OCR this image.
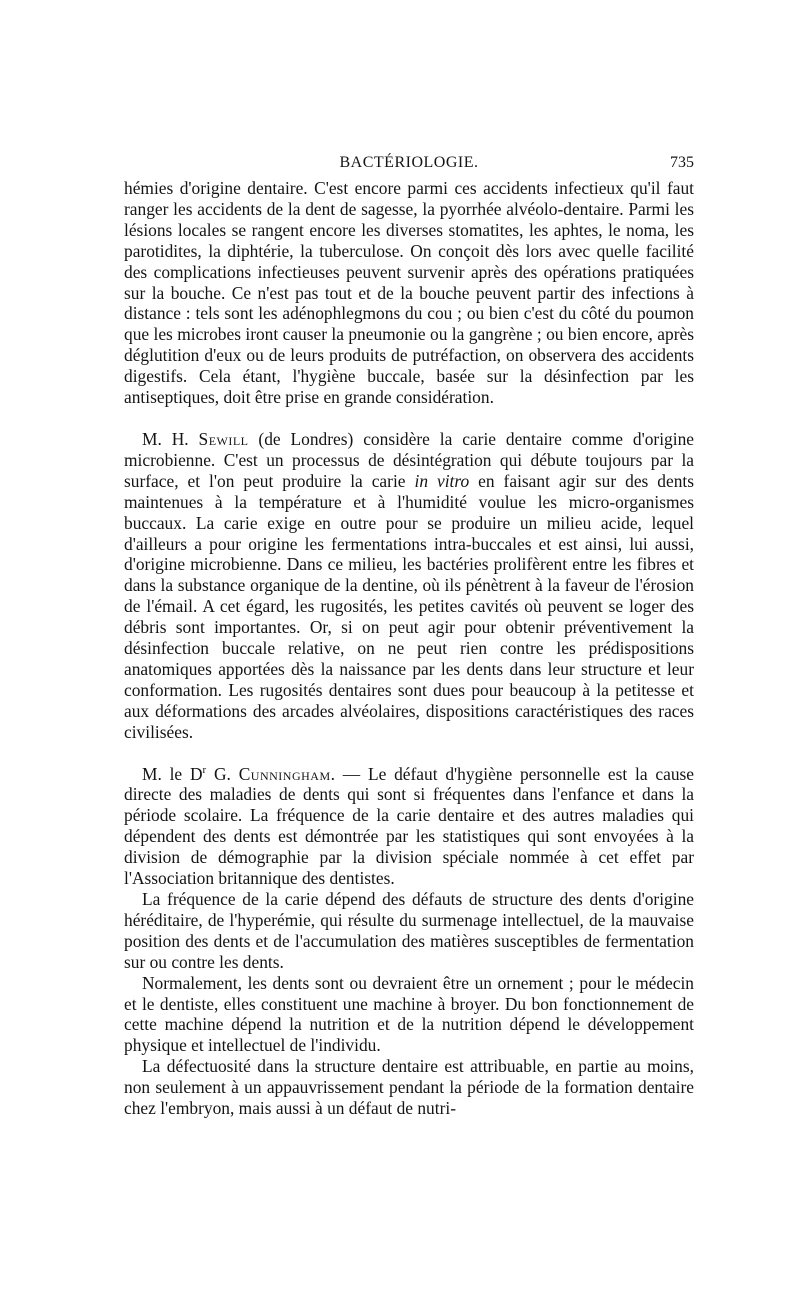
BACTÉRIOLOGIE.	735

hémies d'origine dentaire. C'est encore parmi ces accidents infectieux qu'il faut ranger les accidents de la dent de sagesse, la pyorrhée alvéolo-dentaire. Parmi les lésions locales se rangent encore les diverses stomatites, les aphtes, le noma, les parotidites, la diphtérie, la tuberculose. On conçoit dès lors avec quelle facilité des complications infectieuses peuvent survenir après des opérations pratiquées sur la bouche. Ce n'est pas tout et de la bouche peuvent partir des infections à distance : tels sont les adénophlegmons du cou ; ou bien c'est du côté du poumon que les microbes iront causer la pneumonie ou la gangrène ; ou bien encore, après déglutition d'eux ou de leurs produits de putréfaction, on observera des accidents digestifs. Cela étant, l'hygiène buccale, basée sur la désinfection par les antiseptiques, doit être prise en grande considération.

M. H. Sewill (de Londres) considère la carie dentaire comme d'origine microbienne. C'est un processus de désintégration qui débute toujours par la surface, et l'on peut produire la carie in vitro en faisant agir sur des dents maintenues à la température et à l'humidité voulue les micro-organismes buccaux. La carie exige en outre pour se produire un milieu acide, lequel d'ailleurs a pour origine les fermentations intra-buccales et est ainsi, lui aussi, d'origine microbienne. Dans ce milieu, les bactéries prolifèrent entre les fibres et dans la substance organique de la dentine, où ils pénètrent à la faveur de l'érosion de l'émail. A cet égard, les rugosités, les petites cavités où peuvent se loger des débris sont importantes. Or, si on peut agir pour obtenir préventivement la désinfection buccale relative, on ne peut rien contre les prédispositions anatomiques apportées dès la naissance par les dents dans leur structure et leur conformation. Les rugosités dentaires sont dues pour beaucoup à la petitesse et aux déformations des arcades alvéolaires, dispositions caractéristiques des races civilisées.

M. le $D^r$ G. Cunningham. — Le défaut d'hygiène personnelle est la cause directe des maladies de dents qui sont si fréquentes dans l'enfance et dans la période scolaire. La fréquence de la carie dentaire et des autres maladies qui dépendent des dents est démontrée par les statistiques qui sont envoyées à la division de démographie par la division spéciale nommée à cet effet par l'Association britannique des dentistes.

La fréquence de la carie dépend des défauts de structure des dents d'origine héréditaire, de l'hyperémie, qui résulte du surmenage intellectuel, de la mauvaise position des dents et de l'accumulation des matières susceptibles de fermentation sur ou contre les dents.

Normalement, les dents sont ou devraient être un ornement ; pour le médecin et le dentiste, elles constituent une machine à broyer. Du bon fonctionnement de cette machine dépend la nutrition et de la nutrition dépend le développement physique et intellectuel de l'individu.

La défectuosité dans la structure dentaire est attribuable, en partie au moins, non seulement à un appauvrissement pendant la période de la formation dentaire chez l'embryon, mais aussi à un défaut de nutri-
